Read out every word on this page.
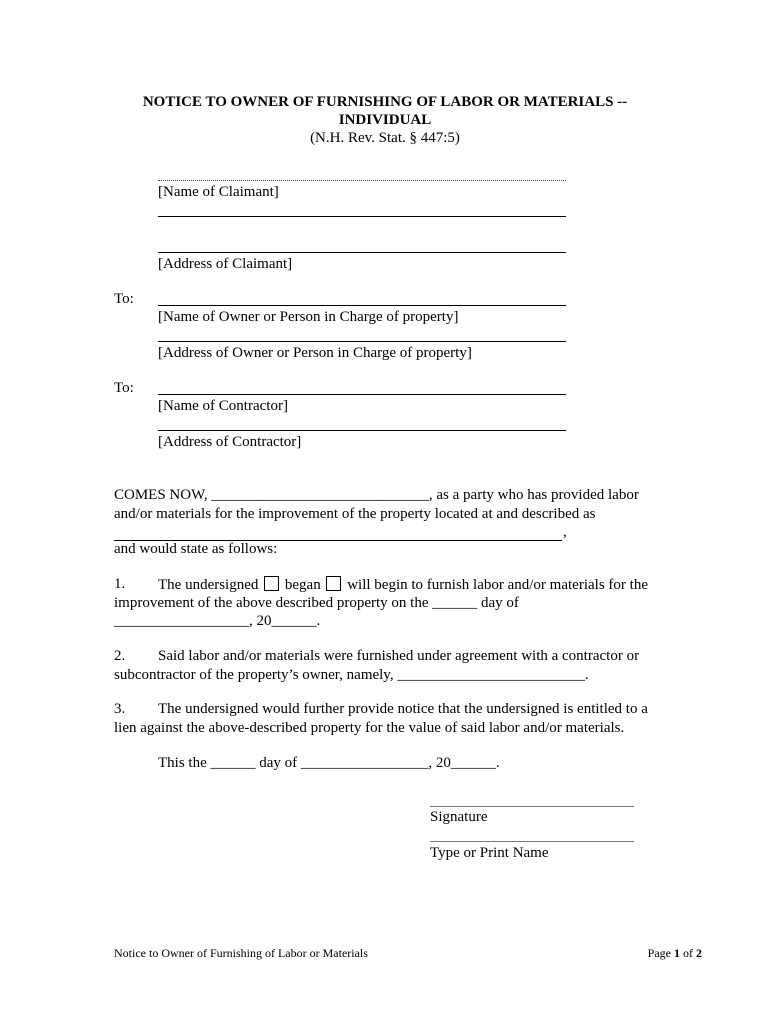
NOTICE TO OWNER OF FURNISHING OF LABOR OR MATERIALS --
INDIVIDUAL
(N.H. Rev. Stat. § 447:5)
[Name of Claimant]
[Address of Claimant]
To:
[Name of Owner or Person in Charge of property]
[Address of Owner or Person in Charge of property]
To:
[Name of Contractor]
[Address of Contractor]
COMES NOW, _____________________________, as a party who has provided labor
and/or materials for the improvement of the property located at and described as
,
and would state as follows:
1. The undersigned began will begin to furnish labor and/or materials for the
improvement of the above described property on the ______ day of
__________________, 20______.
2. Said labor and/or materials were furnished under agreement with a contractor or
subcontractor of the property’s owner, namely, _________________________.
3. The undersigned would further provide notice that the undersigned is entitled to a
lien against the above-described property for the value of said labor and/or materials.
This the ______ day of _________________, 20______.
Signature
Type or Print Name
Notice to Owner of Furnishing of Labor or Materials	Page 1 of 2
